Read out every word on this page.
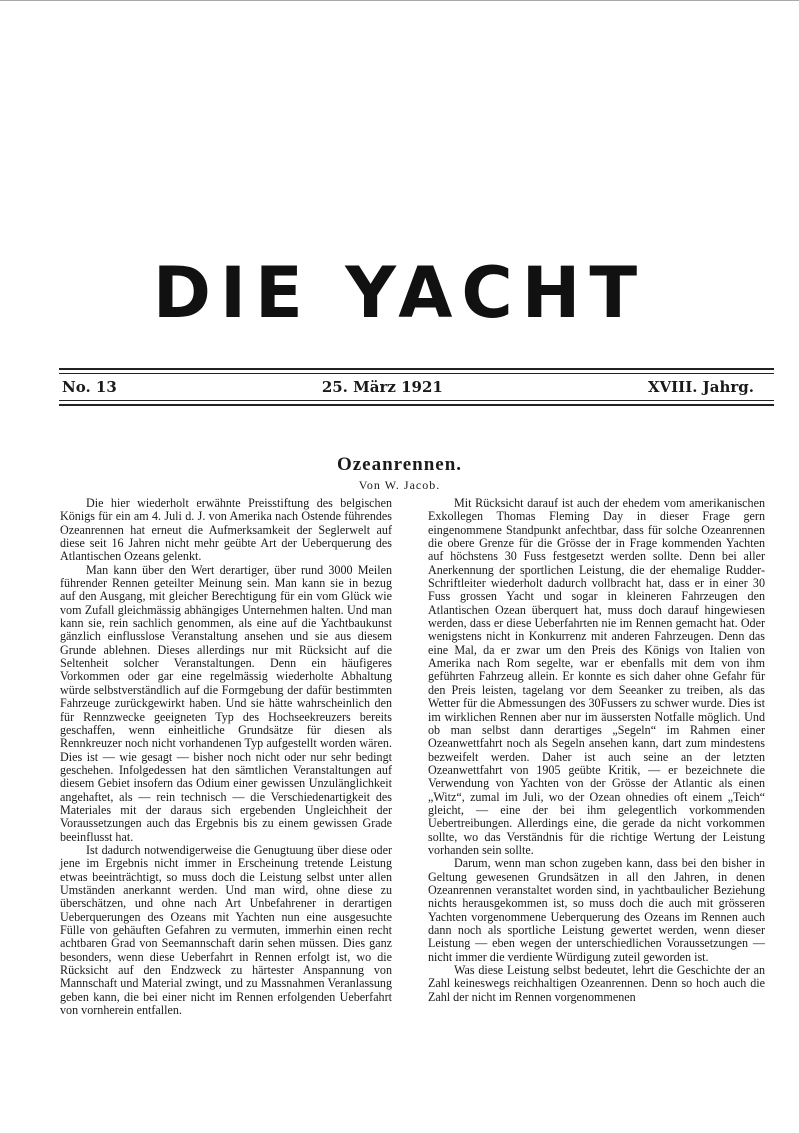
DIE YACHT
No. 13	25. März 1921	XVIII. Jahrg.
Ozeanrennen.
Von W. Jacob.

Die hier wiederholt erwähnte Preisstiftung des belgischen Königs für ein am 4. Juli d. J. von Amerika nach Ostende führendes Ozeanrennen hat erneut die Aufmerksamkeit der Seglerwelt auf diese seit 16 Jahren nicht mehr geübte Art der Ueberquerung des Atlantischen Ozeans gelenkt.

Man kann über den Wert derartiger, über rund 3000 Meilen führender Rennen geteilter Meinung sein. Man kann sie in bezug auf den Ausgang, mit gleicher Berechtigung für ein vom Glück wie vom Zufall gleichmässig abhängiges Unternehmen halten. Und man kann sie, rein sachlich genommen, als eine auf die Yachtbaukunst gänzlich einflusslose Veranstaltung ansehen und sie aus diesem Grunde ablehnen. Dieses allerdings nur mit Rücksicht auf die Seltenheit solcher Veranstaltungen. Denn ein häufigeres Vorkommen oder gar eine regelmässig wiederholte Abhaltung würde selbstverständlich auf die Formgebung der dafür bestimmten Fahrzeuge zurückgewirkt haben. Und sie hätte wahrscheinlich den für Rennzwecke geeigneten Typ des Hochseekreuzers bereits geschaffen, wenn einheitliche Grundsätze für diesen als Rennkreuzer noch nicht vorhandenen Typ aufgestellt worden wären. Dies ist — wie gesagt — bisher noch nicht oder nur sehr bedingt geschehen. Infolgedessen hat den sämtlichen Veranstaltungen auf diesem Gebiet insofern das Odium einer gewissen Unzulänglichkeit angehaftet, als — rein technisch — die Verschiedenartigkeit des Materiales mit der daraus sich ergebenden Ungleichheit der Voraussetzungen auch das Ergebnis bis zu einem gewissen Grade beeinflusst hat.

Ist dadurch notwendigerweise die Genugtuung über diese oder jene im Ergebnis nicht immer in Erscheinung tretende Leistung etwas beeinträchtigt, so muss doch die Leistung selbst unter allen Umständen anerkannt werden. Und man wird, ohne diese zu überschätzen, und ohne nach Art Unbefahrener in derartigen Ueberquerungen des Ozeans mit Yachten nun eine ausgesuchte Fülle von gehäuften Gefahren zu vermuten, immerhin einen recht achtbaren Grad von Seemannschaft darin sehen müssen. Dies ganz besonders, wenn diese Ueberfahrt in Rennen erfolgt ist, wo die Rücksicht auf den Endzweck zu härtester Anspannung von Mannschaft und Material zwingt, und zu Massnahmen Veranlassung geben kann, die bei einer nicht im Rennen erfolgenden Ueberfahrt von vornherein entfallen.

Mit Rücksicht darauf ist auch der ehedem vom amerikanischen Exkollegen Thomas Fleming Day in dieser Frage gern eingenommene Standpunkt anfechtbar, dass für solche Ozeanrennen die obere Grenze für die Grösse der in Frage kommenden Yachten auf höchstens 30 Fuss festgesetzt werden sollte. Denn bei aller Anerkennung der sportlichen Leistung, die der ehemalige Rudder-Schriftleiter wiederholt dadurch vollbracht hat, dass er in einer 30 Fuss grossen Yacht und sogar in kleineren Fahrzeugen den Atlantischen Ozean überquert hat, muss doch darauf hingewiesen werden, dass er diese Ueberfahrten nie im Rennen gemacht hat. Oder wenigstens nicht in Konkurrenz mit anderen Fahrzeugen. Denn das eine Mal, da er zwar um den Preis des Königs von Italien von Amerika nach Rom segelte, war er ebenfalls mit dem von ihm geführten Fahrzeug allein. Er konnte es sich daher ohne Gefahr für den Preis leisten, tagelang vor dem Seeanker zu treiben, als das Wetter für die Abmessungen des 30Fussers zu schwer wurde. Dies ist im wirklichen Rennen aber nur im äussersten Notfalle möglich. Und ob man selbst dann derartiges „Segeln“ im Rahmen einer Ozeanwettfahrt noch als Segeln ansehen kann, dart zum mindestens bezweifelt werden. Daher ist auch seine an der letzten Ozeanwettfahrt von 1905 geübte Kritik, — er bezeichnete die Verwendung von Yachten von der Grösse der Atlantic als einen „Witz“, zumal im Juli, wo der Ozean ohnedies oft einem „Teich“ gleicht, — eine der bei ihm gelegentlich vorkommenden Uebertreibungen. Allerdings eine, die gerade da nicht vorkommen sollte, wo das Verständnis für die richtige Wertung der Leistung vorhanden sein sollte.

Darum, wenn man schon zugeben kann, dass bei den bisher in Geltung gewesenen Grundsätzen in all den Jahren, in denen Ozeanrennen veranstaltet worden sind, in yachtbaulicher Beziehung nichts herausgekommen ist, so muss doch die auch mit grösseren Yachten vorgenommene Ueberquerung des Ozeans im Rennen auch dann noch als sportliche Leistung gewertet werden, wenn dieser Leistung — eben wegen der unterschiedlichen Voraussetzungen — nicht immer die verdiente Würdigung zuteil geworden ist.

Was diese Leistung selbst bedeutet, lehrt die Geschichte der an Zahl keineswegs reichhaltigen Ozeanrennen. Denn so hoch auch die Zahl der nicht im Rennen vorgenommenen
